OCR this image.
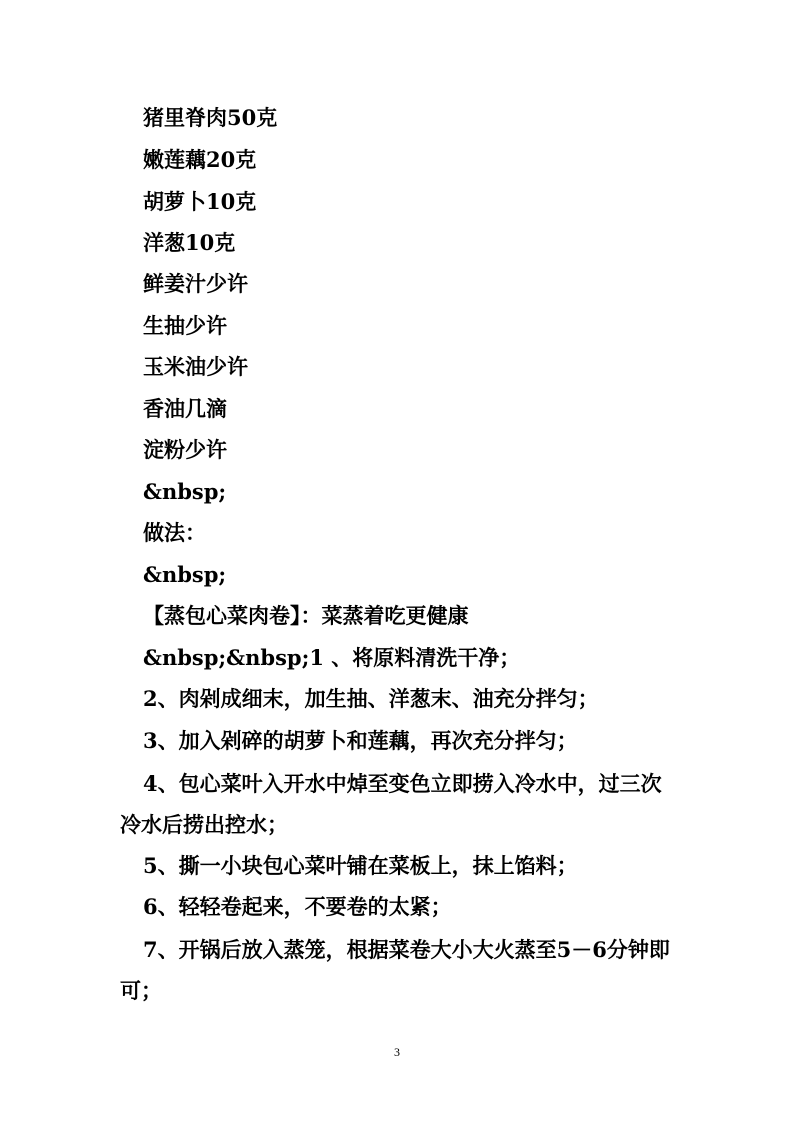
猪里脊肉50克
嫩莲藕20克
胡萝卜10克
洋葱10克
鲜姜汁少许
生抽少许
玉米油少许
香油几滴
淀粉少许
&nbsp;
做法：
&nbsp;
【蒸包心菜肉卷】：菜蒸着吃更健康
&nbsp;&nbsp;1 、将原料清洗干净；
2、肉剁成细末，加生抽、洋葱末、油充分拌匀；
3、加入剁碎的胡萝卜和莲藕，再次充分拌匀；
4、包心菜叶入开水中焯至变色立即捞入冷水中，过三次冷水后捞出控水；
5、撕一小块包心菜叶铺在菜板上，抹上馅料；
6、轻轻卷起来，不要卷的太紧；
7、开锅后放入蒸笼，根据菜卷大小大火蒸至5－6分钟即可；
3
